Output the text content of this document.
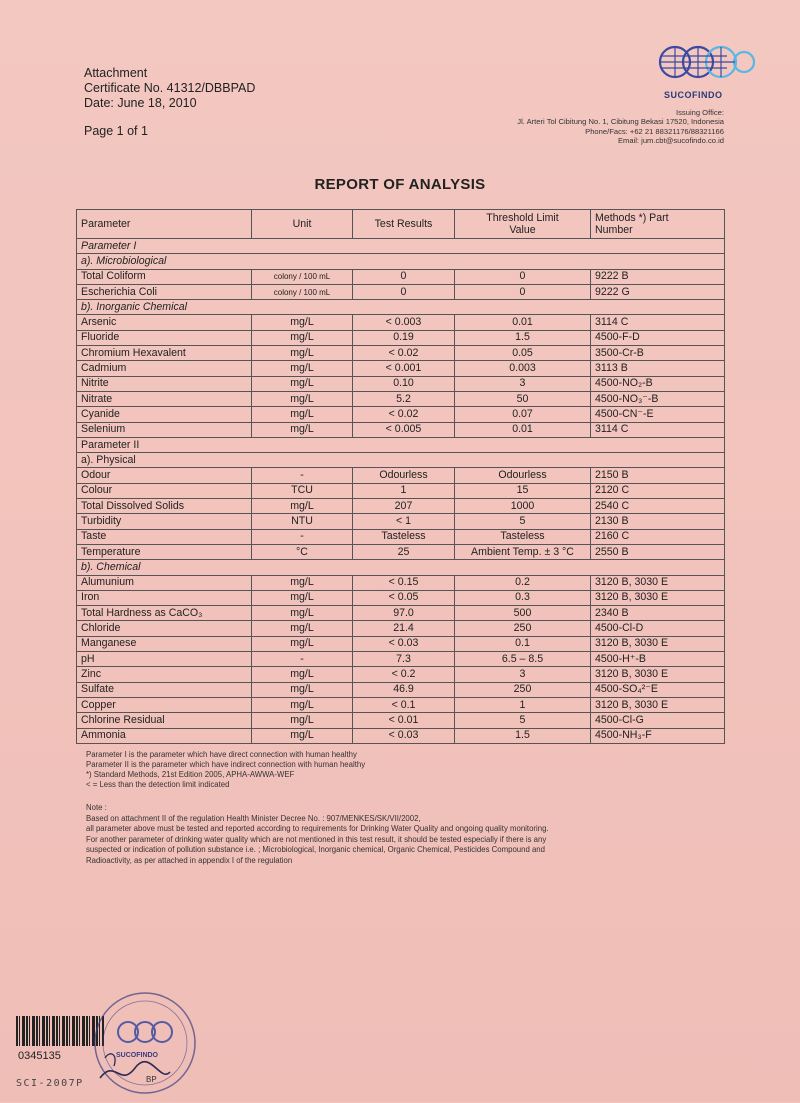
Attachment
Certificate No. 41312/DBBPAD
Date: June 18, 2010
Page 1 of 1
SUCOFINDO
Issuing Office:
Jl. Arteri Tol Cibitung No. 1, Cibitung Bekasi 17520, Indonesia
Phone/Facs: +62 21 88321176/88321166
Email: jum.cbt@sucofindo.co.id
REPORT OF ANALYSIS
Parameter	Unit	Test Results	Threshold Limit Value	Methods *) Part Number
Parameter I				
a). Microbiological				
Total Coliform	colony / 100 mL	0	0	9222 B
Escherichia Coli	colony / 100 mL	0	0	9222 G
b). Inorganic Chemical				
Arsenic	mg/L	< 0.003	0.01	3114 C
Fluoride	mg/L	0.19	1.5	4500-F-D
Chromium Hexavalent	mg/L	< 0.02	0.05	3500-Cr-B
Cadmium	mg/L	< 0.001	0.003	3113 B
Nitrite	mg/L	0.10	3	4500-NO₂-B
Nitrate	mg/L	5.2	50	4500-NO₃⁻-B
Cyanide	mg/L	< 0.02	0.07	4500-CN⁻-E
Selenium	mg/L	< 0.005	0.01	3114 C
Parameter II				
a). Physical				
Odour	-	Odourless	Odourless	2150 B
Colour	TCU	1	15	2120 C
Total Dissolved Solids	mg/L	207	1000	2540 C
Turbidity	NTU	< 1	5	2130 B
Taste	-	Tasteless	Tasteless	2160 C
Temperature	°C	25	Ambient Temp. ± 3 °C	2550 B
b). Chemical				
Alumunium	mg/L	< 0.15	0.2	3120 B, 3030 E
Iron	mg/L	< 0.05	0.3	3120 B, 3030 E
Total Hardness as CaCO₃	mg/L	97.0	500	2340 B
Chloride	mg/L	21.4	250	4500-Cl-D
Manganese	mg/L	< 0.03	0.1	3120 B, 3030 E
pH	-	7.3	6.5 – 8.5	4500-H⁺-B
Zinc	mg/L	< 0.2	3	3120 B, 3030 E
Sulfate	mg/L	46.9	250	4500-SO₄²⁻E
Copper	mg/L	< 0.1	1	3120 B, 3030 E
Chlorine Residual	mg/L	< 0.01	5	4500-Cl-G
Ammonia	mg/L	< 0.03	1.5	4500-NH₃-F
Parameter I is the parameter which have direct connection with human healthy
Parameter II is the parameter which have indirect connection with human healthy
*) Standard Methods, 21st Edition 2005, APHA-AWWA-WEF
< = Less than the detection limit indicated
Note :
Based on attachment II of the regulation Health Minister Decree No. : 907/MENKES/SK/VII/2002,
all parameter above must be tested and reported according to requirements for Drinking Water Quality and ongoing quality monitoring.
For another parameter of drinking water quality which are not mentioned in this test result, it should be tested especially if there is any
suspected or indication of pollution substance i.e. ; Microbiological, Inorganic chemical, Organic Chemical, Pesticides Compound and
Radioactivity, as per attached in appendix I of the regulation
0345135
SCI-2007P
SUCOFINDO
BP
